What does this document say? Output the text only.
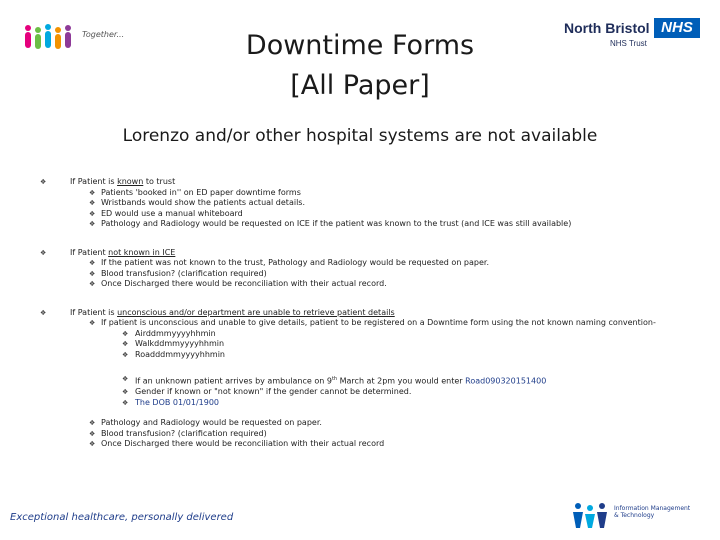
Together...	Downtime Forms
[All Paper]
North Bristol NHS
NHS Trust
Lorenzo and/or other hospital systems are not available
❖	If Patient is known to trust
❖ Patients 'booked in'' on ED paper downtime forms
❖ Wristbands would show the patients actual details.
❖ ED would use a manual whiteboard
❖ Pathology and Radiology would be requested on ICE if the patient was known to the trust (and ICE was still available)
❖	If Patient not known in ICE
❖ If the patient was not known to the trust, Pathology and Radiology would be requested on paper.
❖ Blood transfusion? (clarification required)
❖ Once Discharged there would be reconciliation with their actual record.
❖	If Patient is unconscious and/or department are unable to retrieve patient details
❖ If patient is unconscious and unable to give details, patient to be registered on a Downtime form using the not known naming convention-
❖ Airddmmyyyyhhmin
❖ Walkddmmyyyyhhmin
❖ Roadddmmyyyyhhmin
❖ If an unknown patient arrives by ambulance on 9th March at 2pm you would enter Road090320151400
❖ Gender if known or "not known" if the gender cannot be determined.
❖ The DOB 01/01/1900
❖ Pathology and Radiology would be requested on paper.
❖ Blood transfusion? (clarification required)
❖ Once Discharged there would be reconciliation with their actual record
Exceptional healthcare, personally delivered
Information Management
& Technology
